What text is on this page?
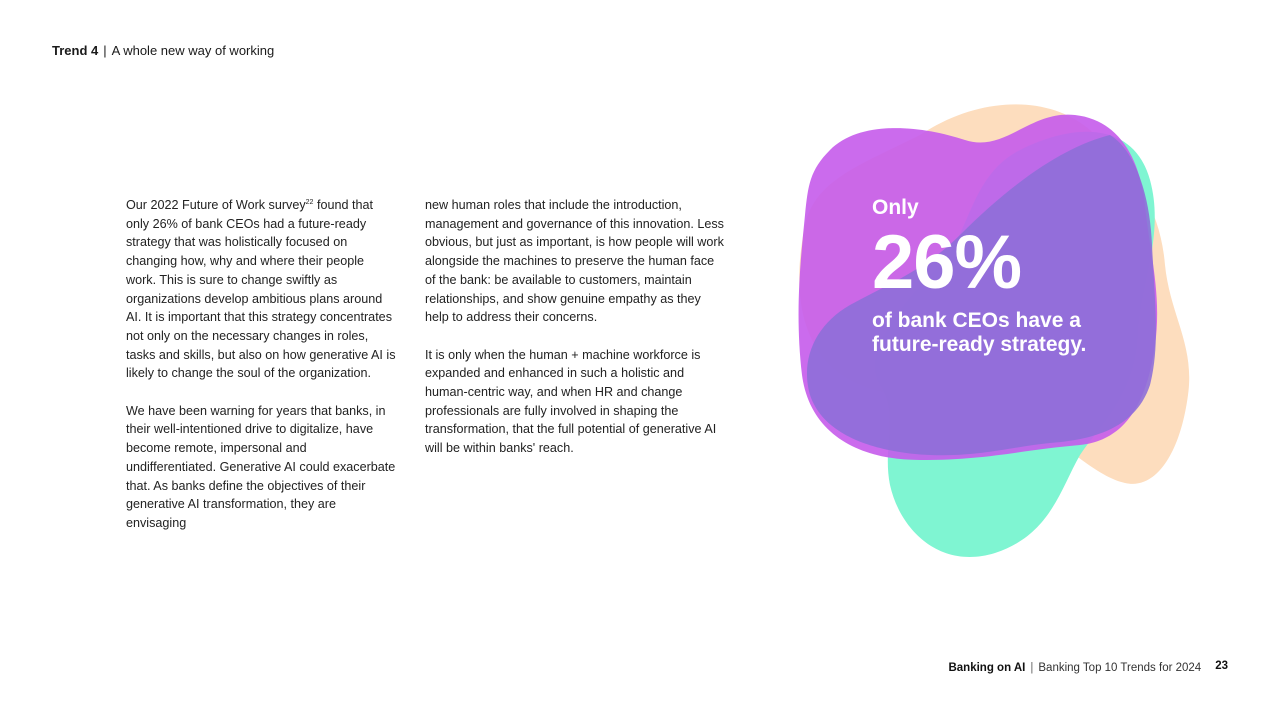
Trend 4 | A whole new way of working

Our 2022 Future of Work survey$^{22}$ found that only 26% of bank CEOs had a future-ready strategy that was holistically focused on changing how, why and where their people work. This is sure to change swiftly as organizations develop ambitious plans around AI. It is important that this strategy concentrates not only on the necessary changes in roles, tasks and skills, but also on how generative AI is likely to change the soul of the organization.

We have been warning for years that banks, in their well-intentioned drive to digitalize, have become remote, impersonal and undifferentiated. Generative AI could exacerbate that. As banks define the objectives of their generative AI transformation, they are envisaging

new human roles that include the introduction, management and governance of this innovation. Less obvious, but just as important, is how people will work alongside the machines to preserve the human face of the bank: be available to customers, maintain relationships, and show genuine empathy as they help to address their concerns.

It is only when the human + machine workforce is expanded and enhanced in such a holistic and human-centric way, and when HR and change professionals are fully involved in shaping the transformation, that the full potential of generative AI will be within banks' reach.

Only
26%
of bank CEOs have a future-ready strategy.
Banking on AI | Banking Top 10 Trends for 2024 23
